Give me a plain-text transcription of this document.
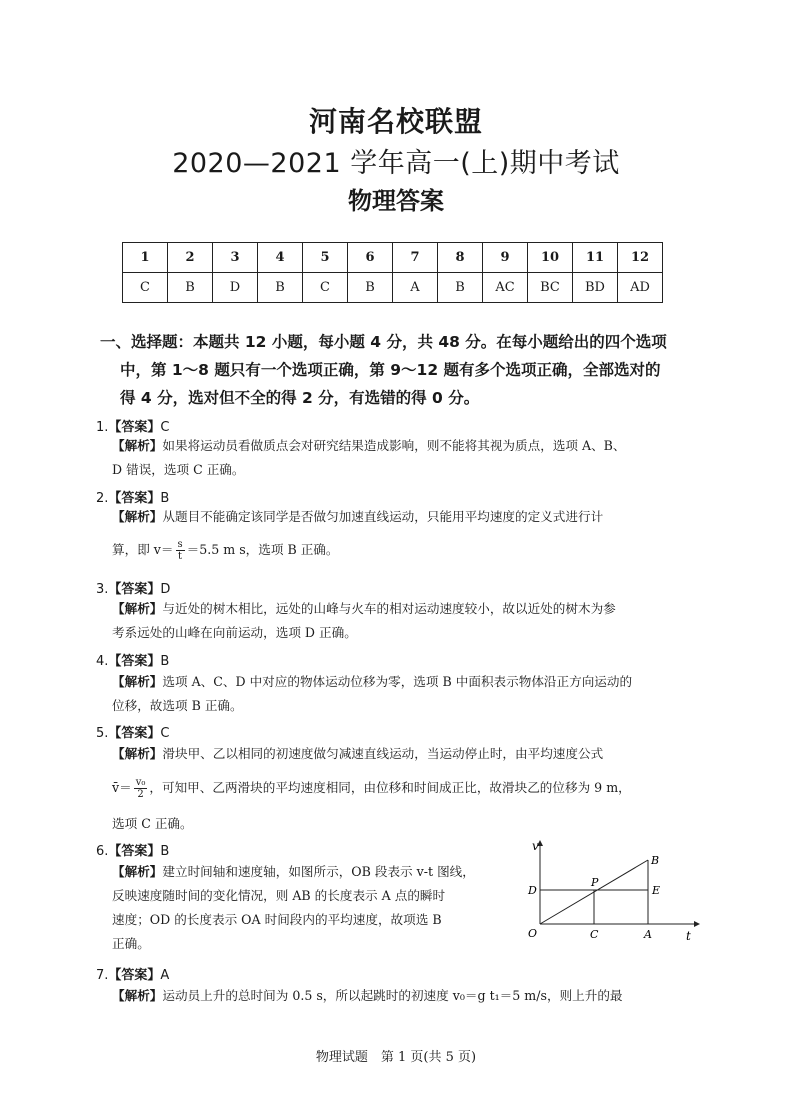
河南名校联盟
2020—2021 学年高一(上)期中考试
物理答案
1	2	3	4	5	6	7	8	9	10	11	12
C	B	D	B	C	B	A	B	AC	BC	BD	AD
一、选择题：本题共 12 小题，每小题 4 分，共 48 分。在每小题给出的四个选项
中，第 1～8 题只有一个选项正确，第 9～12 题有多个选项正确，全部选对的
得 4 分，选对但不全的得 2 分，有选错的得 0 分。
1.【答案】C
【解析】如果将运动员看做质点会对研究结果造成影响，则不能将其视为质点，选项 A、B、
D 错误，选项 C 正确。
2.【答案】B
【解析】从题目不能确定该同学是否做匀加速直线运动，只能用平均速度的定义式进行计
算，即 $v= \frac{s}{t} =5.5$ m s，选项 B 正确。
3.【答案】D
【解析】与近处的树木相比，远处的山峰与火车的相对运动速度较小，故以近处的树木为参
考系远处的山峰在向前运动，选项 D 正确。
4.【答案】B
【解析】选项 A、C、D 中对应的物体运动位移为零，选项 B 中面积表示物体沿正方向运动的
位移，故选项 B 正确。
5.【答案】C
【解析】滑块甲、乙以相同的初速度做匀减速直线运动，当运动停止时，由平均速度公式
v̄＝ $\frac{\text{v₀}}{2}$ ，可知甲、乙两滑块的平均速度相同，由位移和时间成正比，故滑块乙的位移为 9 m，
选项 C 正确。
6.【答案】B
【解析】建立时间轴和速度轴，如图所示，OB 段表示 v-t 图线，
反映速度随时间的变化情况，则 AB 的长度表示 A 点的瞬时
速度；OD 的长度表示 OA 时间段内的平均速度，故项选 B
正确。
v
t
O
B
P
D	E
C	A
7.【答案】A
【解析】运动员上升的总时间为 0.5 s，所以起跳时的初速度 v₀＝g t₁＝5 m/s，则上升的最
物理试题　第 1 页(共 5 页)
